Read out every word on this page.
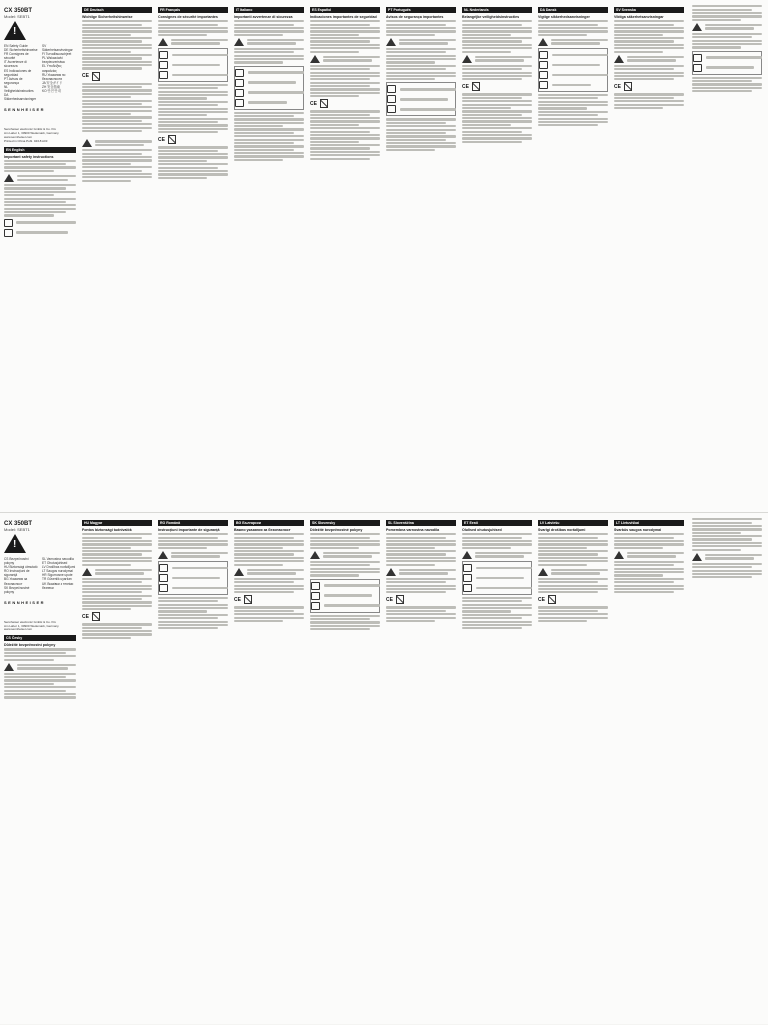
CX 350BT
Model: SEBT1
!
EN Safety Guide
DE Sicherheitshinweise
FR Consignes de sécurité
IT Avvertenze di sicurezza
ES Indicaciones de seguridad
PT Avisos de segurança
NL Veiligheidsinstructies
DA Sikkerhedsanvisninger
SV Säkerhetsanvisningar
FI Turvallisuusohjeet
PL Wskazówki bezpieczeństwa
EL Υποδείξεις ασφαλείας
RU Указания по безопасности
JA 安全ガイド
ZH 安全指南
KO 안전 안내
SENNHEISER
Sennheiser electronic GmbH & Co. KG
Am Labor 1, 30900 Wedemark, Germany
www.sennheiser.com
Printed in China Publ. 04/18 A03
EN English
Important safety instructions
DE Deutsch
Wichtige Sicherheitshinweise
CE
FR Français
Consignes de sécurité importantes
CE
IT Italiano
Importanti avvertenze di sicurezza
ES Español
Indicaciones importantes de seguridad
CE
PT Português
Avisos de segurança importantes
NL Nederlands
Belangrijke veiligheidsinstructies
CE
DA Dansk
Vigtige sikkerhedsanvisninger
SV Svenska
Viktiga säkerhetsanvisningar
CE
CX 350BT
Model: SEBT1
!
CS Bezpečnostní pokyny
HU Biztonsági útmutató
RO Instrucţiuni de siguranţă
BG Указания за безопасност
SK Bezpečnostné pokyny
SL Varnostna navodila
ET Ohutusjuhised
LV Drošības norādījumi
LT Saugos nurodymai
HR Sigurnosne upute
TR Güvenlik uyarıları
UK Вказівки з техніки безпеки
SENNHEISER
Sennheiser electronic GmbH & Co. KG
Am Labor 1, 30900 Wedemark, Germany
www.sennheiser.com
CS Česky
Důležité bezpečnostní pokyny
HU Magyar
Fontos biztonsági tudnivalók
CE
RO Română
Instrucţiuni importante de siguranţă
BG Български
Важни указания за безопасност
CE
SK Slovensky
Dôležité bezpečnostné pokyny
SL Slovenščina
Pomembna varnostna navodila
CE
ET Eesti
Olulised ohutusjuhised
LV Latviešu
Svarīgi drošības norādījumi
CE
LT Lietuviškai
Svarbūs saugos nurodymai
